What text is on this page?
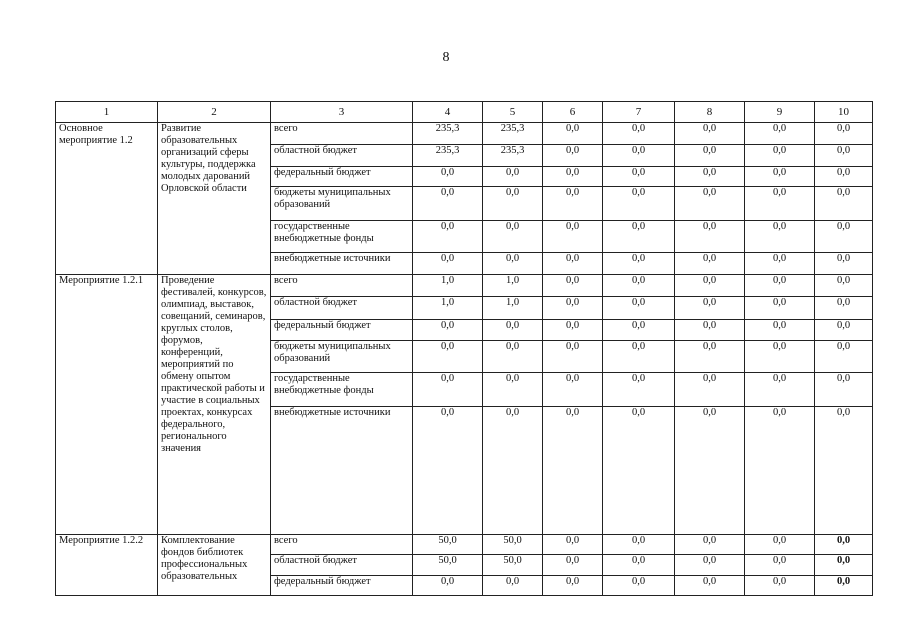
8
1	2	3	4	5	6	7	8	9	10
Основное мероприятие 1.2	Развитие образовательных организаций сферы культуры, поддержка молодых дарований Орловской области	всего	235,3	235,3	0,0	0,0	0,0	0,0	0,0
		областной бюджет	235,3	235,3	0,0	0,0	0,0	0,0	0,0
		федеральный бюджет	0,0	0,0	0,0	0,0	0,0	0,0	0,0
		бюджеты муниципальных образований	0,0	0,0	0,0	0,0	0,0	0,0	0,0
		государственные внебюджетные фонды	0,0	0,0	0,0	0,0	0,0	0,0	0,0
		внебюджетные источники	0,0	0,0	0,0	0,0	0,0	0,0	0,0
Мероприятие 1.2.1	Проведение фестивалей, конкурсов, олимпиад, выставок, совещаний, семинаров, круглых столов, форумов, конференций, мероприятий по обмену опытом практической работы и участие в социальных проектах, конкурсах федерального, регионального значения	всего	1,0	1,0	0,0	0,0	0,0	0,0	0,0
		областной бюджет	1,0	1,0	0,0	0,0	0,0	0,0	0,0
		федеральный бюджет	0,0	0,0	0,0	0,0	0,0	0,0	0,0
		бюджеты муниципальных образований	0,0	0,0	0,0	0,0	0,0	0,0	0,0
		государственные внебюджетные фонды	0,0	0,0	0,0	0,0	0,0	0,0	0,0
		внебюджетные источники	0,0	0,0	0,0	0,0	0,0	0,0	0,0
Мероприятие 1.2.2	Комплектование фондов библиотек профессиональных образовательных	всего	50,0	50,0	0,0	0,0	0,0	0,0	0,0
		областной бюджет	50,0	50,0	0,0	0,0	0,0	0,0	0,0
		федеральный бюджет	0,0	0,0	0,0	0,0	0,0	0,0	0,0
